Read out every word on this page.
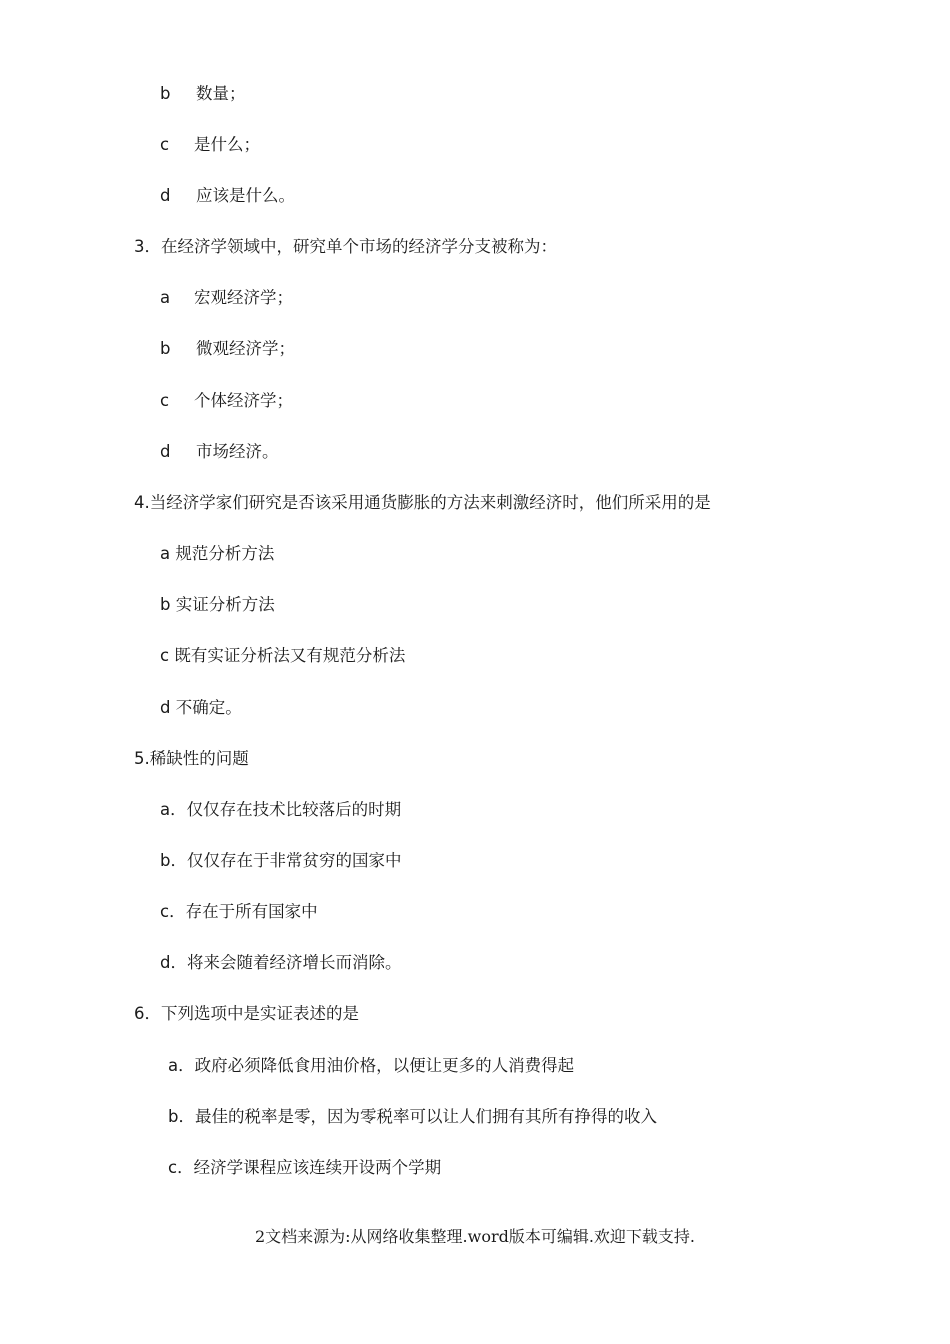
b 数量；
c 是什么；
d 应该是什么。
3．在经济学领域中，研究单个市场的经济学分支被称为：
a 宏观经济学；
b 微观经济学；
c 个体经济学；
d 市场经济。
4.当经济学家们研究是否该采用通货膨胀的方法来刺激经济时，他们所采用的是
a 规范分析方法
b 实证分析方法
c 既有实证分析法又有规范分析法
d 不确定。
5.稀缺性的问题
a．仅仅存在技术比较落后的时期
b．仅仅存在于非常贫穷的国家中
c．存在于所有国家中
d．将来会随着经济增长而消除。
6．下列选项中是实证表述的是
a．政府必须降低食用油价格，以便让更多的人消费得起
b．最佳的税率是零，因为零税率可以让人们拥有其所有挣得的收入
c．经济学课程应该连续开设两个学期
2文档来源为:从网络收集整理.word版本可编辑.欢迎下载支持.
